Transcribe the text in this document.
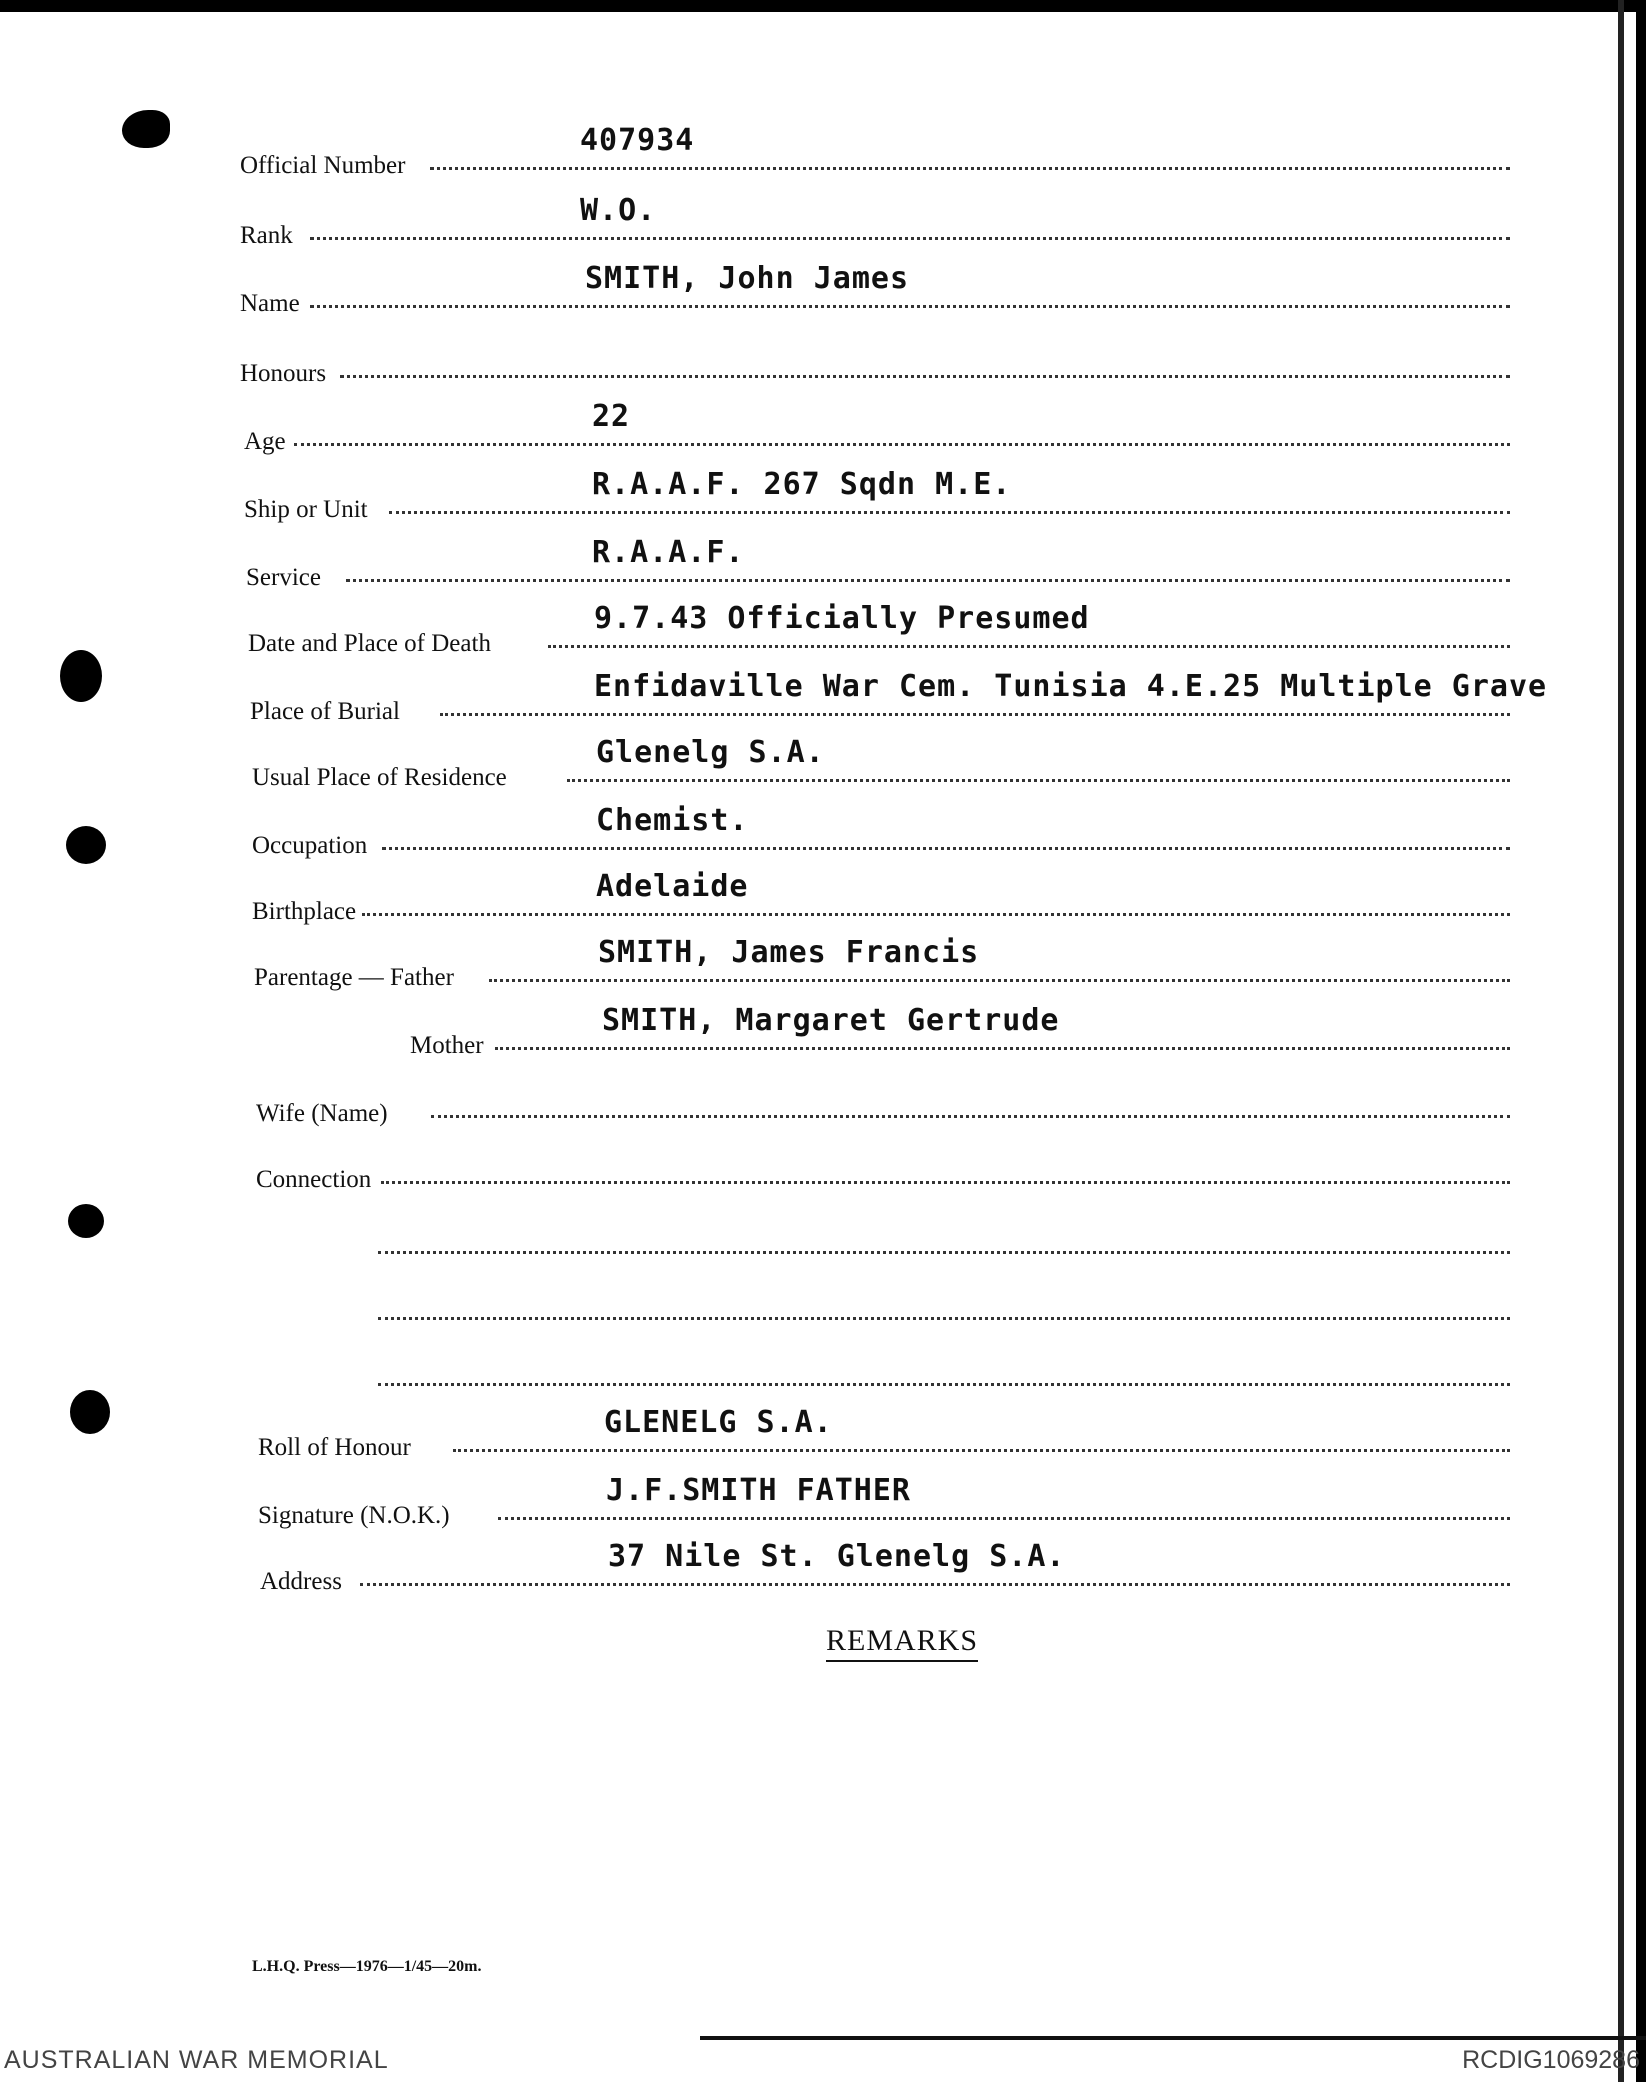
Official Number
407934
Rank
W.O.
Name
SMITH, John James
Honours
Age
22
Ship or Unit
R.A.A.F. 267 Sqdn M.E.
Service
R.A.A.F.
Date and Place of Death
9.7.43 Officially Presumed
Place of Burial
Enfidaville War Cem. Tunisia 4.E.25 Multiple Grave
Usual Place of Residence
Glenelg S.A.
Occupation
Chemist.
Birthplace
Adelaide
Parentage — Father
SMITH, James Francis
Mother
SMITH, Margaret Gertrude
Wife (Name)
Connection
Roll of Honour
GLENELG S.A.
Signature (N.O.K.)
J.F.SMITH FATHER
Address
37 Nile St. Glenelg S.A.
REMARKS
L.H.Q. Press—1976—1/45—20m.
AUSTRALIAN WAR MEMORIAL	RCDIG1069286
